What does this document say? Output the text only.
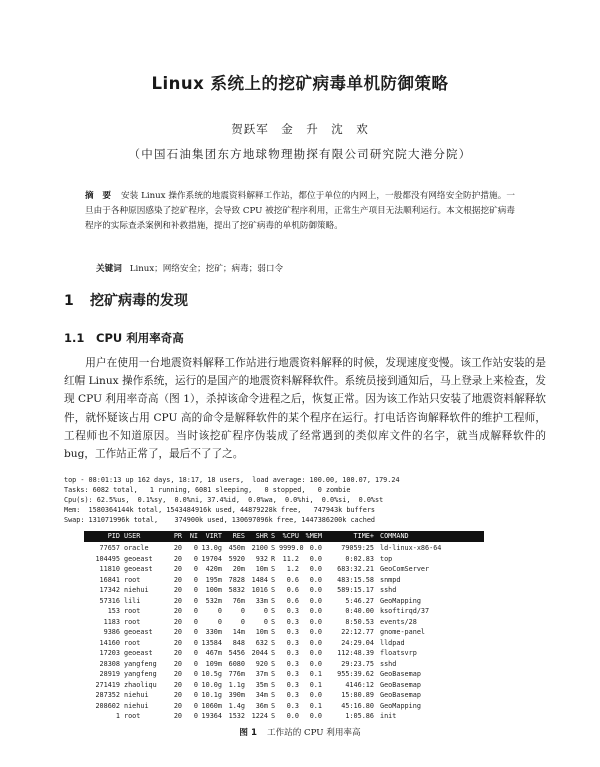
Linux 系统上的挖矿病毒单机防御策略
贺跃军　金　升　沈　欢
（中国石油集团东方地球物理勘探有限公司研究院大港分院）
摘　要 安装 Linux 操作系统的地震资料解释工作站，都位于单位的内网上，一般都没有网络安全防护措施。一旦由于各种原因感染了挖矿程序，会导致 CPU 被挖矿程序利用，正常生产项目无法顺利运行。本文根据挖矿病毒程序的实际查杀案例和补救措施，提出了挖矿病毒的单机防御策略。
关键词 Linux；网络安全；挖矿；病毒；弱口令
1 挖矿病毒的发现
1.1 CPU 利用率奇高

用户在使用一台地震资料解释工作站进行地震资料解释的时候，发现速度变慢。该工作站安装的是红帽 Linux 操作系统，运行的是国产的地震资料解释软件。系统员接到通知后，马上登录上来检查，发现 CPU 利用率奇高（图 1），杀掉该命令进程之后，恢复正常。因为该工作站只安装了地震资料解释软件，就怀疑该占用 CPU 高的命令是解释软件的某个程序在运行。打电话咨询解释软件的维护工程师，工程师也不知道原因。当时该挖矿程序伪装成了经常遇到的类似库文件的名字，就当成解释软件的 bug，工作站正常了，最后不了了之。

top - 08:01:13 up 162 days, 18:17, 18 users,  load average: 100.00, 100.07, 179.24
Tasks: 6082 total,   1 running, 6081 sleeping,   0 stopped,   0 zombie
Cpu(s): 62.5%us,  0.1%sy,  0.0%ni, 37.4%id,  0.0%wa,  0.0%hi,  0.0%si,  0.0%st
Mem:  1580364144k total, 1543484916k used, 44879228k free,   747943k buffers
Swap: 131071996k total,    374900k used, 130697096k free, 1447386200k cached
PID USER	PR NI	VIRT	RES	SHR S	%CPU %MEM	TIME+ COMMAND
77657 oracle	20	0 13.0g 450m 2100 S 9999.0 0.0	79059:25 ld-linux-x86-64
104495 geoeast	20	0 19704 5920	932 R	11.2	0.0	0:02.83 top
11810 geoeast	20	0	420m	20m	10m S	1.2	0.0	683:32.21 GeoComServer
16841 root	20	0	195m 7828 1484 S	0.6	0.0	483:15.58 snmpd
17342 niehui	20	0	100m 5832 1016 S	0.6	0.0	589:15.17 sshd
57316 lili	20	0	532m	76m	33m S	0.6	0.0	5:46.27 GeoMapping
153 root	20	0	0	0	0 S	0.3	0.0	0:40.00 ksoftirqd/37
1183 root	20	0	0	0	0 S	0.3	0.0	8:50.53 events/28
9386 geoeast	20	0	330m	14m	10m S	0.3	0.0	22:12.77 gnome-panel
14160 root	20	0 13584	848	632 S	0.3	0.0	24:29.04 lldpad
17203 geoeast	20	0	467m 5456 2044 S	0.3	0.0	112:48.39 floatsvrp
28308 yangfeng	20	0	109m 6080	920 S	0.3	0.0	29:23.75 sshd
28919 yangfeng	20	0 10.5g 776m	37m S	0.3	0.1	955:39.62 GeoBasemap
271419 zhaoliqu	20	0 10.0g 1.1g	35m S	0.3	0.1	4146:12 GeoBasemap
287352 niehui	20	0 10.1g 390m	34m S	0.3	0.0	15:80.89 GeoBasemap
208602 niehui	20	0 1060m 1.4g	36m S	0.3	0.1	45:16.80 GeoMapping
1 root	20	0 19364 1532 1224 S	0.0	0.0	1:05.86 init
图 1 工作站的 CPU 利用率高
